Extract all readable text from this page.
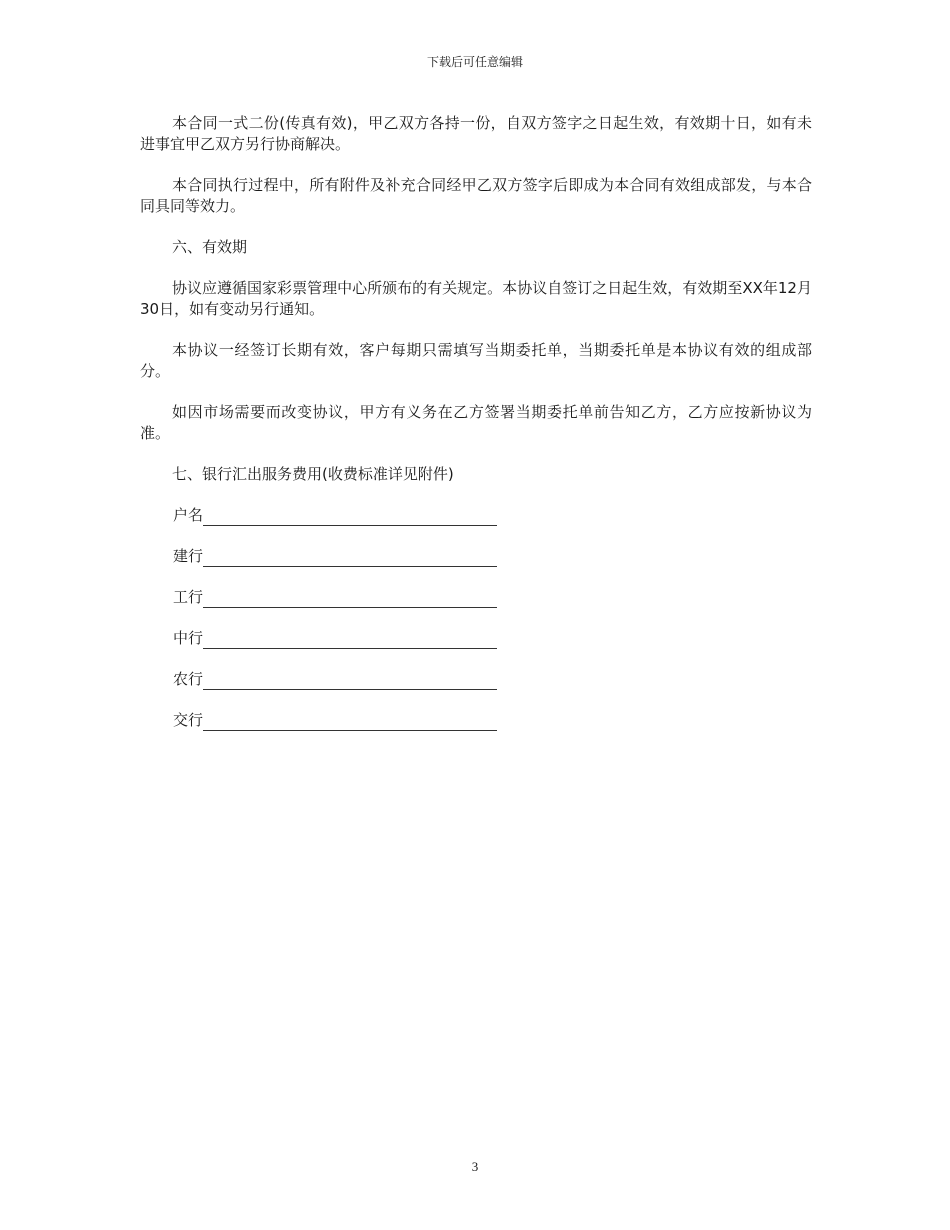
下载后可任意编辑

本合同一式二份(传真有效)，甲乙双方各持一份，自双方签字之日起生效，有效期十日，如有未进事宜甲乙双方另行协商解决。

本合同执行过程中，所有附件及补充合同经甲乙双方签字后即成为本合同有效组成部发，与本合同具同等效力。

六、有效期

协议应遵循国家彩票管理中心所颁布的有关规定。本协议自签订之日起生效，有效期至XX年12月30日，如有变动另行通知。

本协议一经签订长期有效，客户每期只需填写当期委托单，当期委托单是本协议有效的组成部分。

如因市场需要而改变协议，甲方有义务在乙方签署当期委托单前告知乙方，乙方应按新协议为准。

七、银行汇出服务费用(收费标准详见附件)

户名
建行
工行
中行
农行
交行
3
